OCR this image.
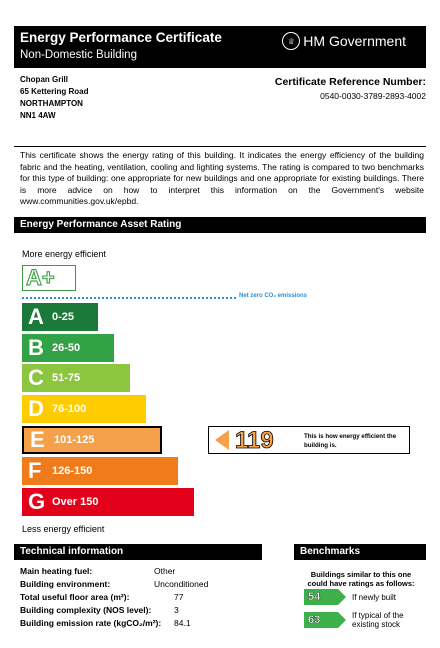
Energy Performance Certificate
Non-Domestic Building
♕ HM Government
Chopan Grill
65 Kettering Road
NORTHAMPTON
NN1 4AW
Certificate Reference Number:
0540-0030-3789-2893-4002
This certificate shows the energy rating of this building. It indicates the energy efficiency of the building fabric and the heating, ventilation, cooling and lighting systems. The rating is compared to two benchmarks for this type of building: one appropriate for new buildings and one appropriate for existing buildings. There is more advice on how to interpret this information on the Government's website www.communities.gov.uk/epbd.
Energy Performance Asset Rating
More energy efficient
A+
Net zero CO₂ emissions
A 0-25
B 26-50
C 51-75
D 76-100
E 101-125
F 126-150
G Over 150
119	This is how energy efficient the building is.
Less energy efficient
Technical information
Main heating fuel:	Other
Building environment:	Unconditioned
Total useful floor area (m²):	77
Building complexity (NOS level):	3
Building emission rate (kgCO₂/m²): 84.1
Benchmarks
Buildings similar to this one could have ratings as follows:
54	If newly built
63	If typical of the existing stock
